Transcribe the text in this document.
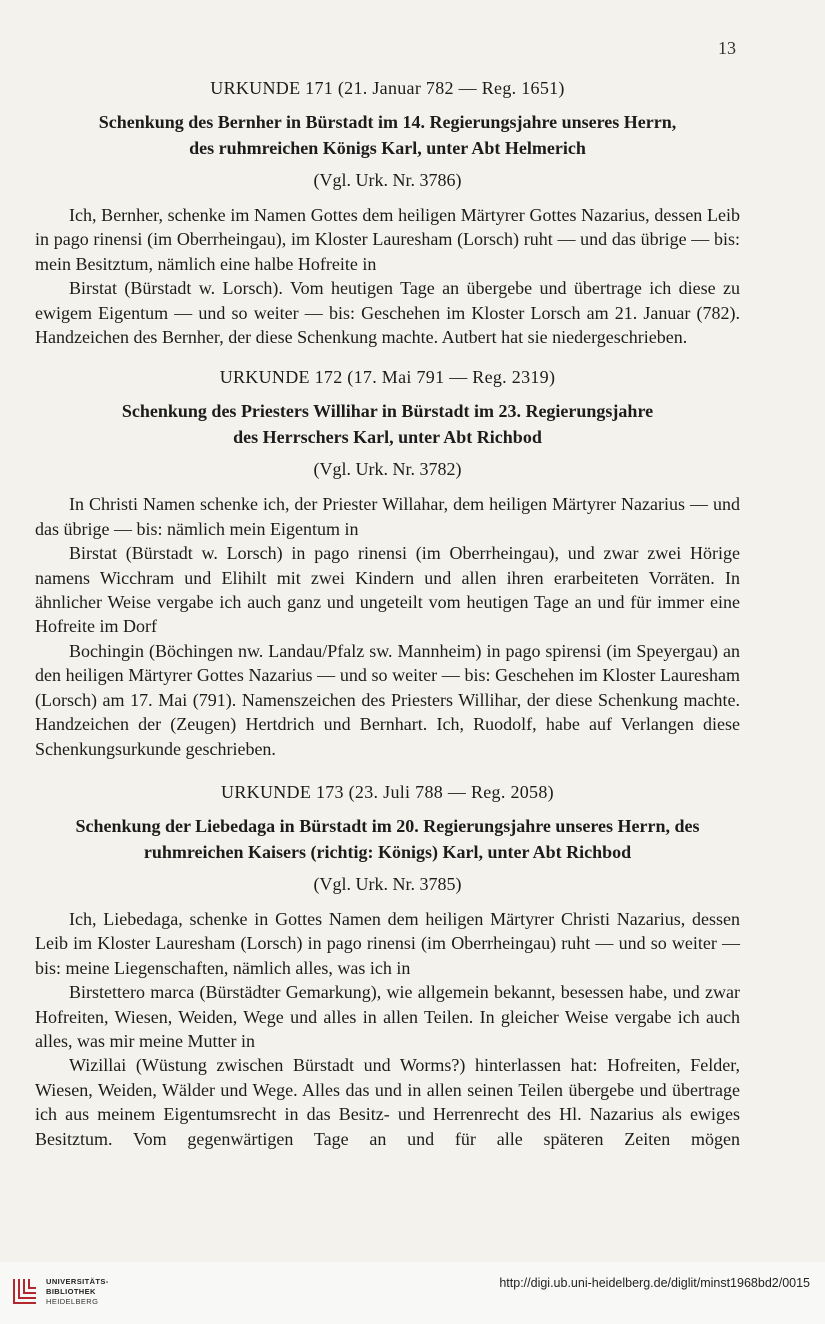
13
URKUNDE 171 (21. Januar 782 — Reg. 1651)
Schenkung des Bernher in Bürstadt im 14. Regierungsjahre unseres Herrn,
des ruhmreichen Königs Karl, unter Abt Helmerich
(Vgl. Urk. Nr. 3786)

Ich, Bernher, schenke im Namen Gottes dem heiligen Märtyrer Gottes Nazarius, dessen Leib in pago rinensi (im Oberrheingau), im Kloster Lauresham (Lorsch) ruht — und das übrige — bis: mein Besitztum, nämlich eine halbe Hofreite in

Birstat (Bürstadt w. Lorsch). Vom heutigen Tage an übergebe und übertrage ich diese zu ewigem Eigentum — und so weiter — bis: Geschehen im Kloster Lorsch am 21. Januar (782). Handzeichen des Bernher, der diese Schenkung machte. Autbert hat sie niedergeschrieben.

URKUNDE 172 (17. Mai 791 — Reg. 2319)
Schenkung des Priesters Willihar in Bürstadt im 23. Regierungsjahre
des Herrschers Karl, unter Abt Richbod
(Vgl. Urk. Nr. 3782)

In Christi Namen schenke ich, der Priester Willahar, dem heiligen Märtyrer Nazarius — und das übrige — bis: nämlich mein Eigentum in

Birstat (Bürstadt w. Lorsch) in pago rinensi (im Oberrheingau), und zwar zwei Hörige namens Wicchram und Elihilt mit zwei Kindern und allen ihren erarbeiteten Vorräten. In ähnlicher Weise vergabe ich auch ganz und ungeteilt vom heutigen Tage an und für immer eine Hofreite im Dorf

Bochingin (Böchingen nw. Landau/Pfalz sw. Mannheim) in pago spirensi (im Speyergau) an den heiligen Märtyrer Gottes Nazarius — und so weiter — bis: Geschehen im Kloster Lauresham (Lorsch) am 17. Mai (791). Namenszeichen des Priesters Willihar, der diese Schenkung machte. Handzeichen der (Zeugen) Hertdrich und Bernhart. Ich, Ruodolf, habe auf Verlangen diese Schenkungsurkunde geschrieben.

URKUNDE 173 (23. Juli 788 — Reg. 2058)
Schenkung der Liebedaga in Bürstadt im 20. Regierungsjahre unseres Herrn, des
ruhmreichen Kaisers (richtig: Königs) Karl, unter Abt Richbod
(Vgl. Urk. Nr. 3785)

Ich, Liebedaga, schenke in Gottes Namen dem heiligen Märtyrer Christi Nazarius, dessen Leib im Kloster Lauresham (Lorsch) in pago rinensi (im Oberrheingau) ruht — und so weiter — bis: meine Liegenschaften, nämlich alles, was ich in

Birstettero marca (Bürstädter Gemarkung), wie allgemein bekannt, besessen habe, und zwar Hofreiten, Wiesen, Weiden, Wege und alles in allen Teilen. In gleicher Weise vergabe ich auch alles, was mir meine Mutter in

Wizillai (Wüstung zwischen Bürstadt und Worms?) hinterlassen hat: Hofreiten, Felder, Wiesen, Weiden, Wälder und Wege. Alles das und in allen seinen Teilen übergebe und übertrage ich aus meinem Eigentumsrecht in das Besitz- und Herrenrecht des Hl. Nazarius als ewiges Besitztum. Vom gegenwärtigen Tage an und für alle späteren Zeiten mögen

UNIVERSITÄTS-
BIBLIOTHEK
HEIDELBERG
http://digi.ub.uni-heidelberg.de/diglit/minst1968bd2/0015
